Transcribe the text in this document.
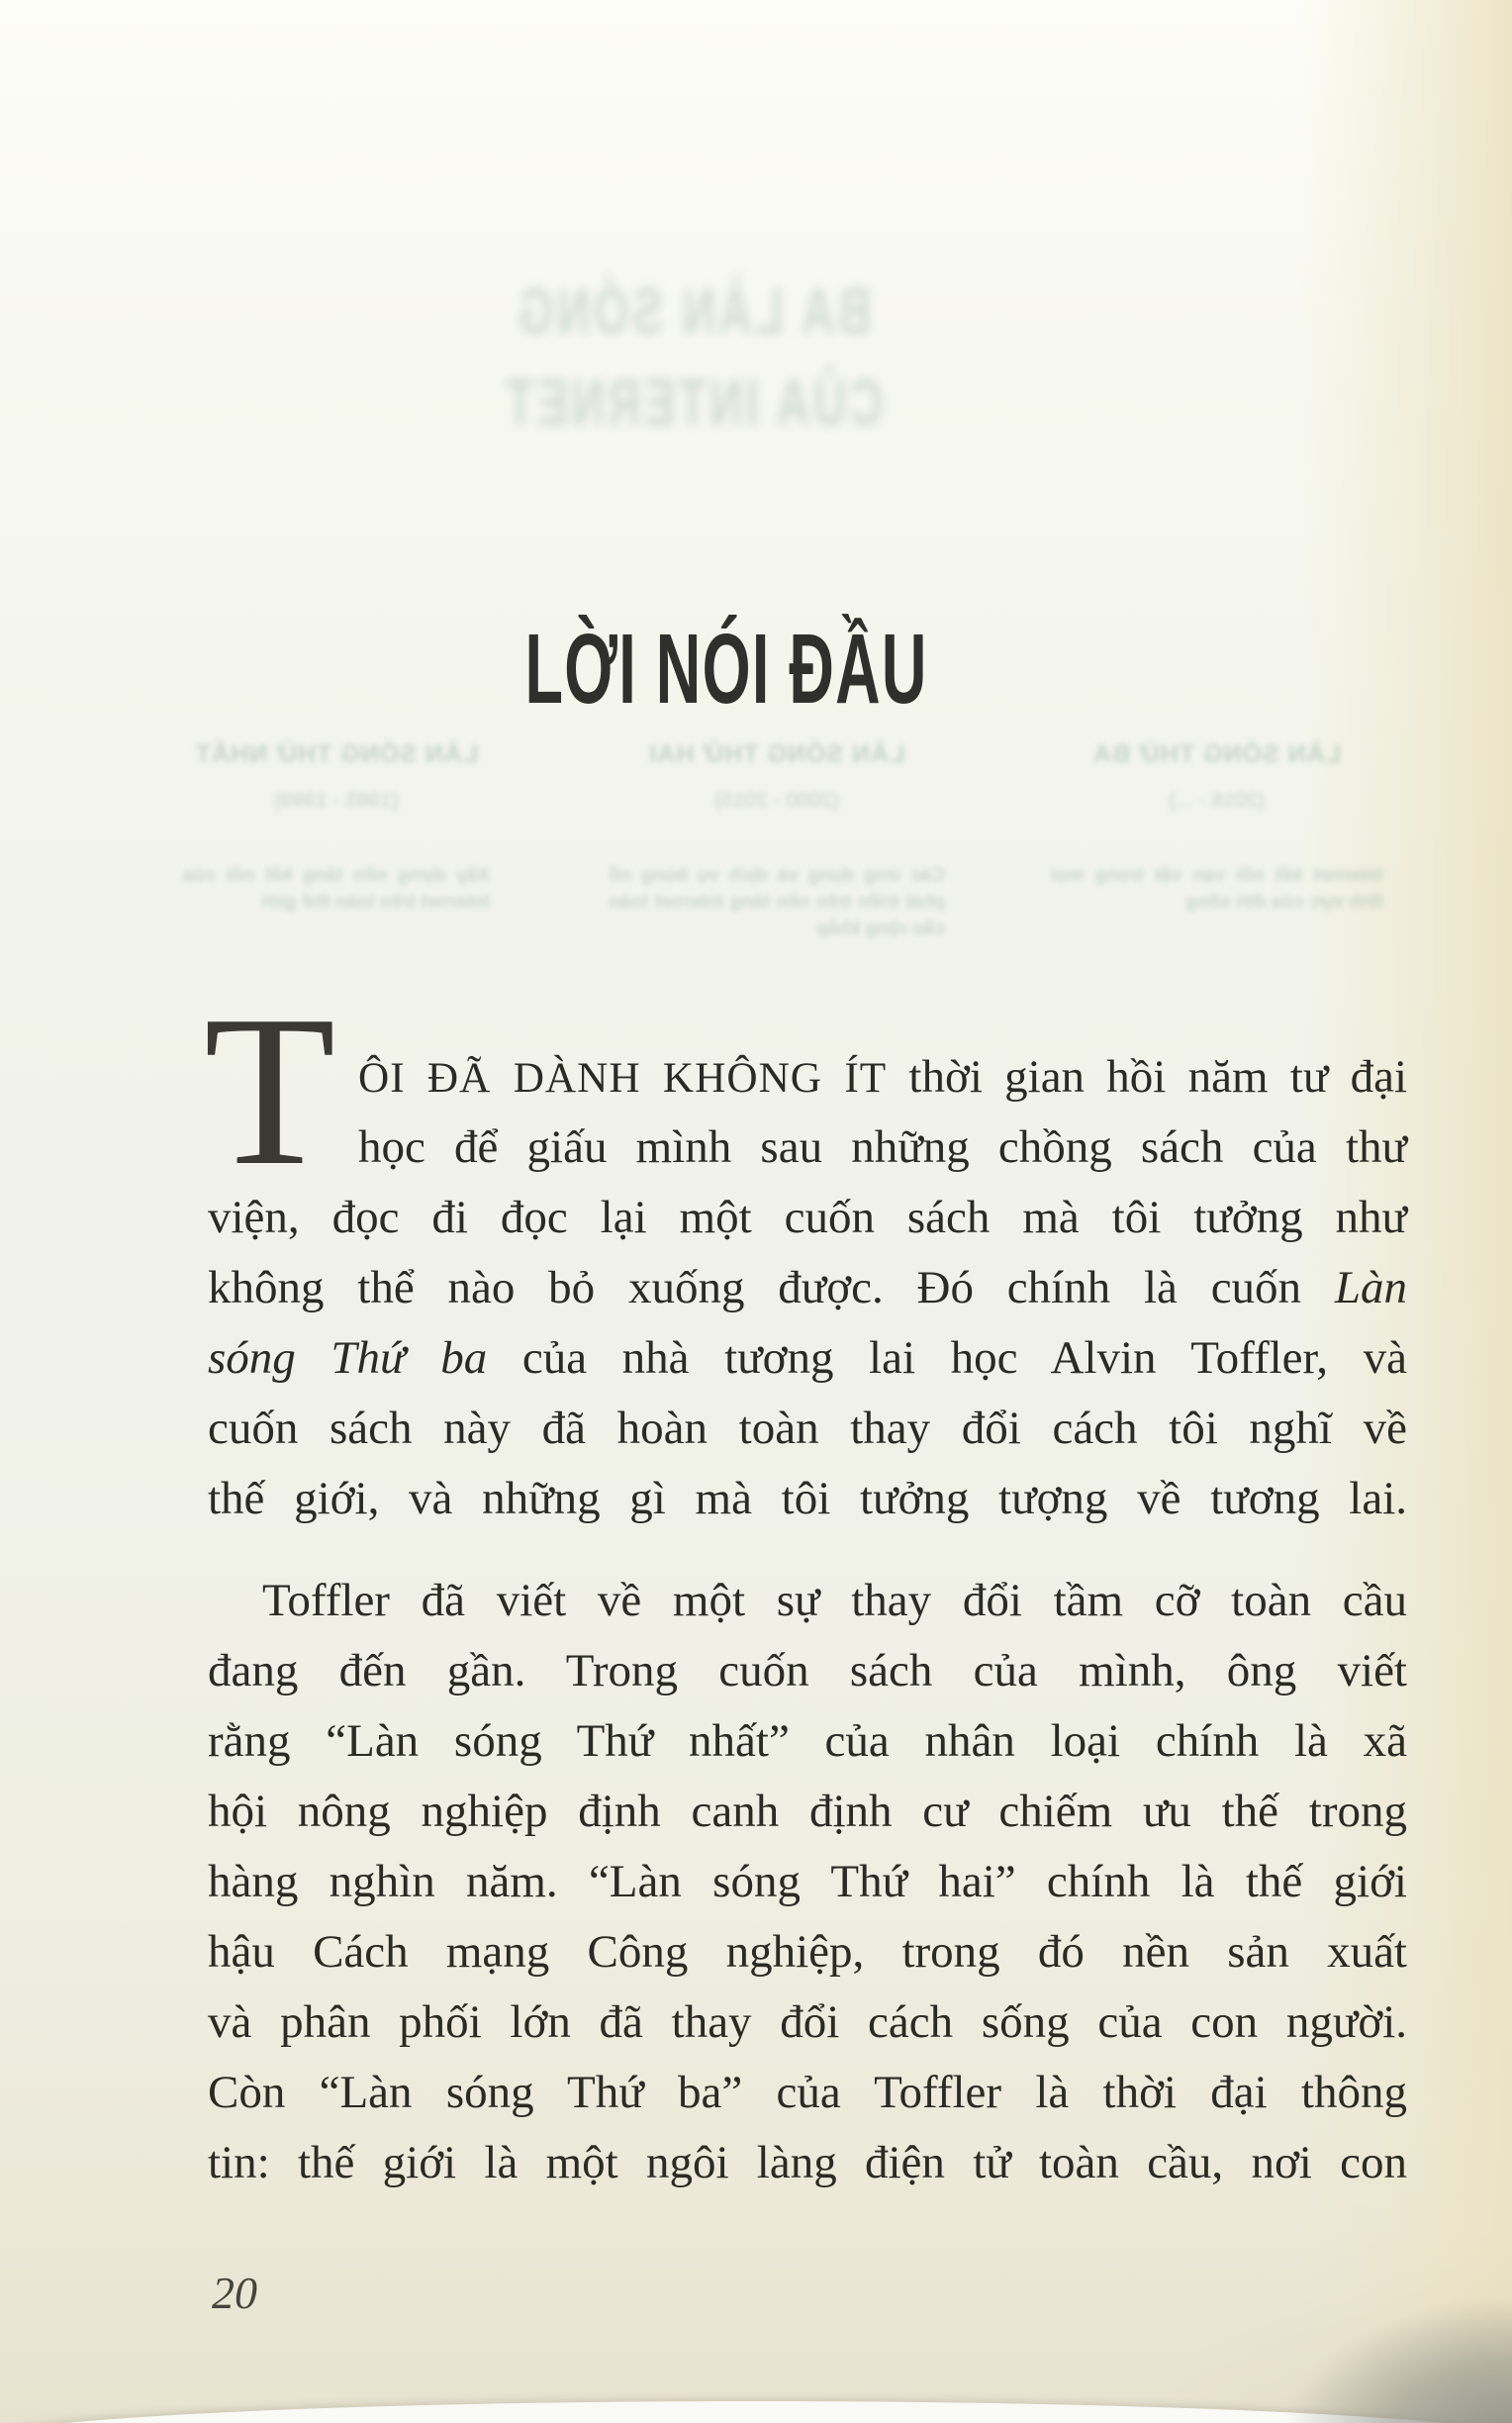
BA LÀN SÓNG
CỦA INTERNET
LÀN SÓNG THỨ NHẤT
(1985 - 1999)
Xây dựng nền tảng kết nối của Internet trên toàn thế giới
LÀN SÓNG THỨ HAI
(2000 - 2015)
Các ứng dụng và dịch vụ bùng nổ phát triển trên nền tảng Internet toàn cầu rộng khắp
LÀN SÓNG THỨ BA
(2016 - ...)
Internet kết nối vạn vật trong mọi lĩnh vực của đời sống
LỜI NÓI ĐẦU
T ÔI ĐÃ DÀNH KHÔNG ÍT thời gian hồi năm tư đại
học để giấu mình sau những chồng sách của thư
viện, đọc đi đọc lại một cuốn sách mà tôi tưởng như
không thể nào bỏ xuống được. Đó chính là cuốn Làn
sóng Thứ ba của nhà tương lai học Alvin Toffler, và
cuốn sách này đã hoàn toàn thay đổi cách tôi nghĩ về
thế giới, và những gì mà tôi tưởng tượng về tương lai.
Toffler đã viết về một sự thay đổi tầm cỡ toàn cầu
đang đến gần. Trong cuốn sách của mình, ông viết
rằng “Làn sóng Thứ nhất” của nhân loại chính là xã
hội nông nghiệp định canh định cư chiếm ưu thế trong
hàng nghìn năm. “Làn sóng Thứ hai” chính là thế giới
hậu Cách mạng Công nghiệp, trong đó nền sản xuất
và phân phối lớn đã thay đổi cách sống của con người.
Còn “Làn sóng Thứ ba” của Toffler là thời đại thông
tin: thế giới là một ngôi làng điện tử toàn cầu, nơi con
20
